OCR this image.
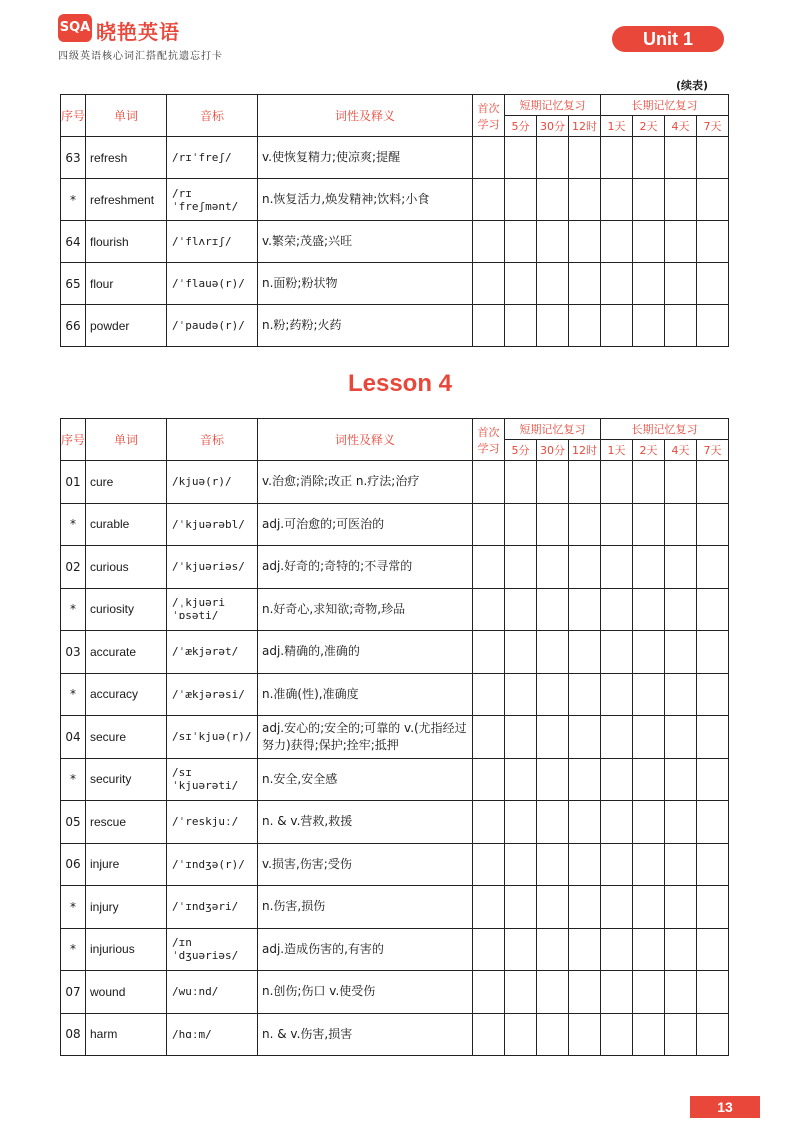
SQA 晓艳英语
四级英语核心词汇搭配抗遗忘打卡
Unit 1
(续表)
序号	单词	音标	词性及释义	首次学习	短期记忆复习			长期记忆复习			
					5分	30分	12时	1天	2天	4天	7天
63	refresh	/rɪˈfreʃ/	v.使恢复精力;使凉爽;提醒								
*	refreshment	/rɪˈfreʃmənt/	n.恢复活力,焕发精神;饮料;小食								
64	flourish	/ˈflʌrɪʃ/	v.繁荣;茂盛;兴旺								
65	flour	/ˈflauə(r)/	n.面粉;粉状物								
66	powder	/ˈpaudə(r)/	n.粉;药粉;火药								
Lesson 4
序号	单词	音标	词性及释义	首次学习	短期记忆复习			长期记忆复习			
					5分	30分	12时	1天	2天	4天	7天
01	cure	/kjuə(r)/	v.治愈;消除;改正 n.疗法;治疗								
*	curable	/ˈkjuərəbl/	adj.可治愈的;可医治的								
02	curious	/ˈkjuəriəs/	adj.好奇的;奇特的;不寻常的								
*	curiosity	/ˌkjuəriˈɒsəti/	n.好奇心,求知欲;奇物,珍品								
03	accurate	/ˈækjərət/	adj.精确的,准确的								
*	accuracy	/ˈækjərəsi/	n.准确(性),准确度								
04	secure	/sɪˈkjuə(r)/	adj.安心的;安全的;可靠的 v.(尤指经过努力)获得;保护;拴牢;抵押								
*	security	/sɪˈkjuərəti/	n.安全,安全感								
05	rescue	/ˈreskjuː/	n. & v.营救,救援								
06	injure	/ˈɪndʒə(r)/	v.损害,伤害;受伤								
*	injury	/ˈɪndʒəri/	n.伤害,损伤								
*	injurious	/ɪnˈdʒuəriəs/	adj.造成伤害的,有害的								
07	wound	/wuːnd/	n.创伤;伤口 v.使受伤								
08	harm	/hɑːm/	n. & v.伤害,损害								
13
